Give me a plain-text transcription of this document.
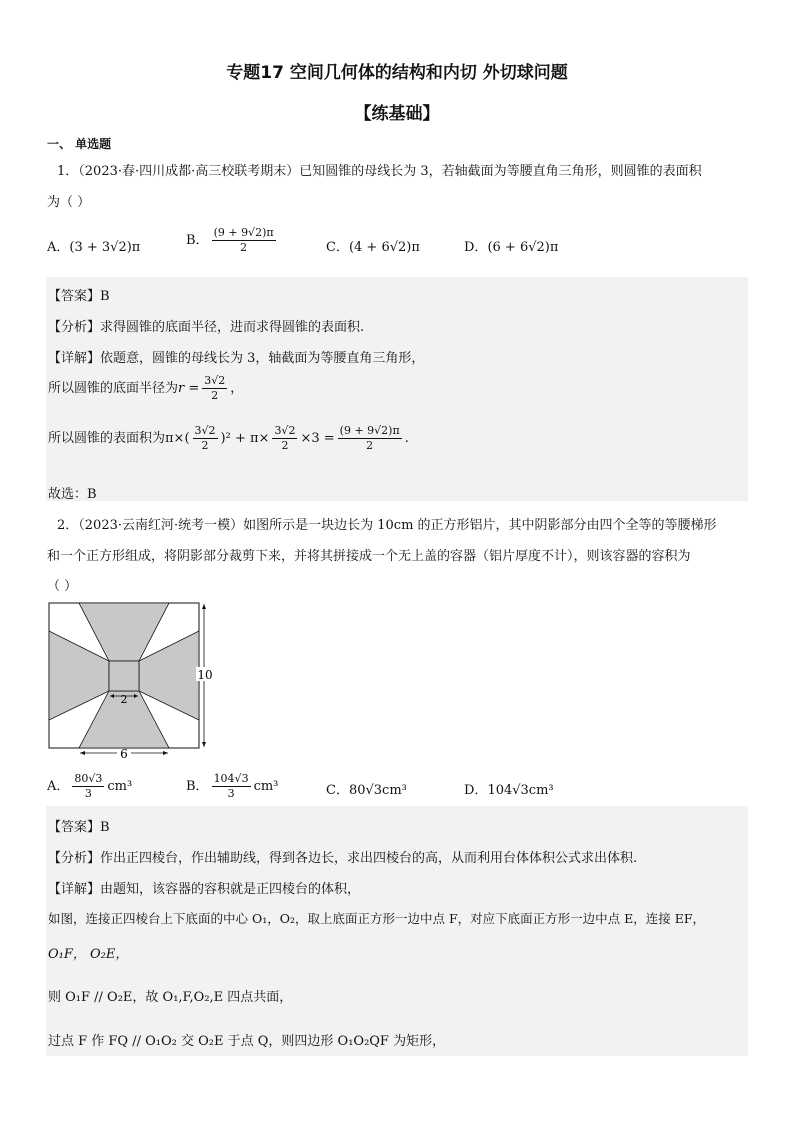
专题17 空间几何体的结构和内切 外切球问题
【练基础】
一、 单选题
1．（2023·春·四川成都·高三校联考期末）已知圆锥的母线长为 3，若轴截面为等腰直角三角形，则圆锥的表面积
为（ ）
A．(3 + 3√2)π	B． $\frac{(9 + 9√2)\pi}{2}$	C．(4 + 6√2)π	D．(6 + 6√2)π
【答案】B
【分析】求得圆锥的底面半径，进而求得圆锥的表面积.
【详解】依题意，圆锥的母线长为 3，轴截面为等腰直角三角形，
所以圆锥的底面半径为$r = \frac{3√2}{2}$ ，
所以圆锥的表面积为$\pi\times( \frac{3√2}{2} )^2 + \pi\times \frac{3√2}{2} \times 3 = \frac{(9 + 9√2)\pi}{2}$ .
故选：B
2．（2023·云南红河·统考一模）如图所示是一块边长为 10cm 的正方形铝片，其中阴影部分由四个全等的等腰梯形
和一个正方形组成，将阴影部分裁剪下来，并将其拼接成一个无上盖的容器（铝片厚度不计），则该容器的容积为
（ ）
2
10
6
A． $\frac{80√3}{3} cm^3$	B． $\frac{104√3}{3} cm^3$	C．80√3cm³	D．104√3cm³
【答案】B
【分析】作出正四棱台，作出辅助线，得到各边长，求出四棱台的高，从而利用台体体积公式求出体积.
【详解】由题知，该容器的容积就是正四棱台的体积，
如图，连接正四棱台上下底面的中心 O₁，O₂，取上底面正方形一边中点 F，对应下底面正方形一边中点 E，连接 EF，
O₁F， O₂E，
则 O₁F // O₂E，故 O₁,F,O₂,E 四点共面，
过点 F 作 FQ // O₁O₂ 交 O₂E 于点 Q，则四边形 O₁O₂QF 为矩形，
